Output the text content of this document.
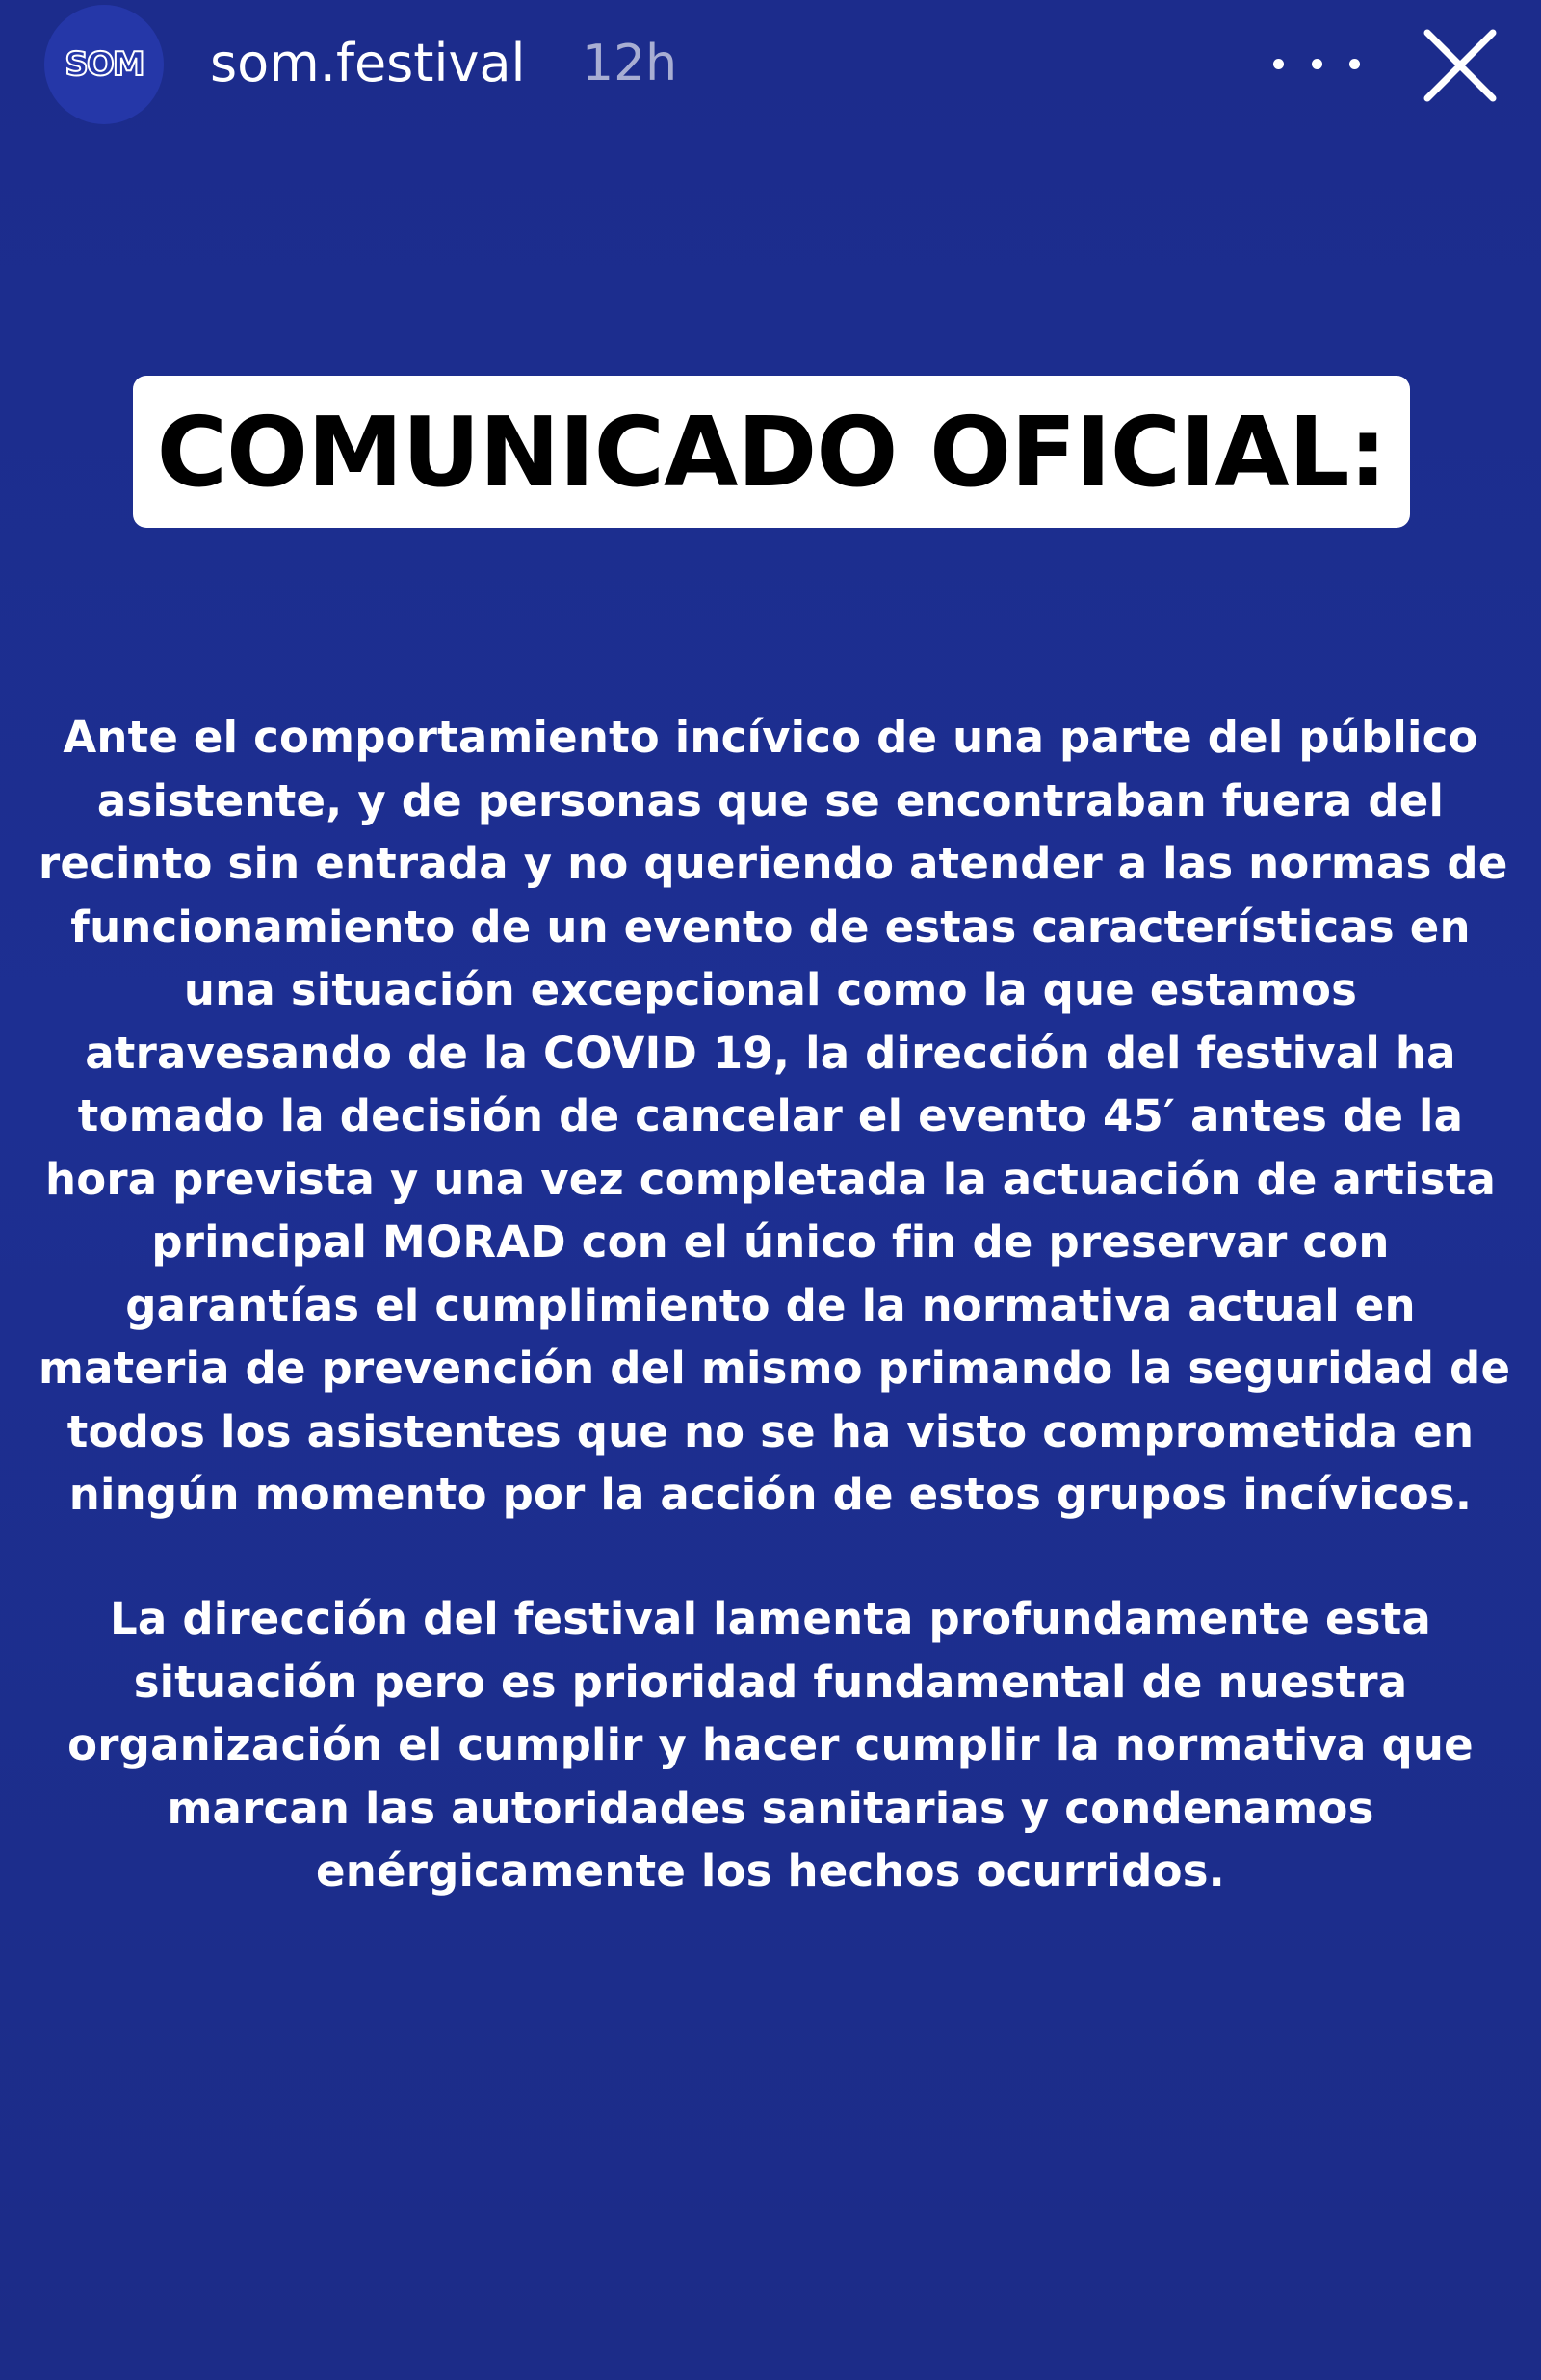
SOM som.festival 12h
COMUNICADO OFICIAL:
Ante el comportamiento incívico de una parte del público
asistente, y de personas que se encontraban fuera del
recinto sin entrada y no queriendo atender a las normas de
funcionamiento de un evento de estas características en
una situación excepcional como la que estamos
atravesando de la COVID 19, la dirección del festival ha
tomado la decisión de cancelar el evento 45′ antes de la
hora prevista y una vez completada la actuación de artista
principal MORAD con el único fin de preservar con
garantías el cumplimiento de la normativa actual en
materia de prevención del mismo primando la seguridad de
todos los asistentes que no se ha visto comprometida en
ningún momento por la acción de estos grupos incívicos.
La dirección del festival lamenta profundamente esta
situación pero es prioridad fundamental de nuestra
organización el cumplir y hacer cumplir la normativa que
marcan las autoridades sanitarias y condenamos
enérgicamente los hechos ocurridos.
